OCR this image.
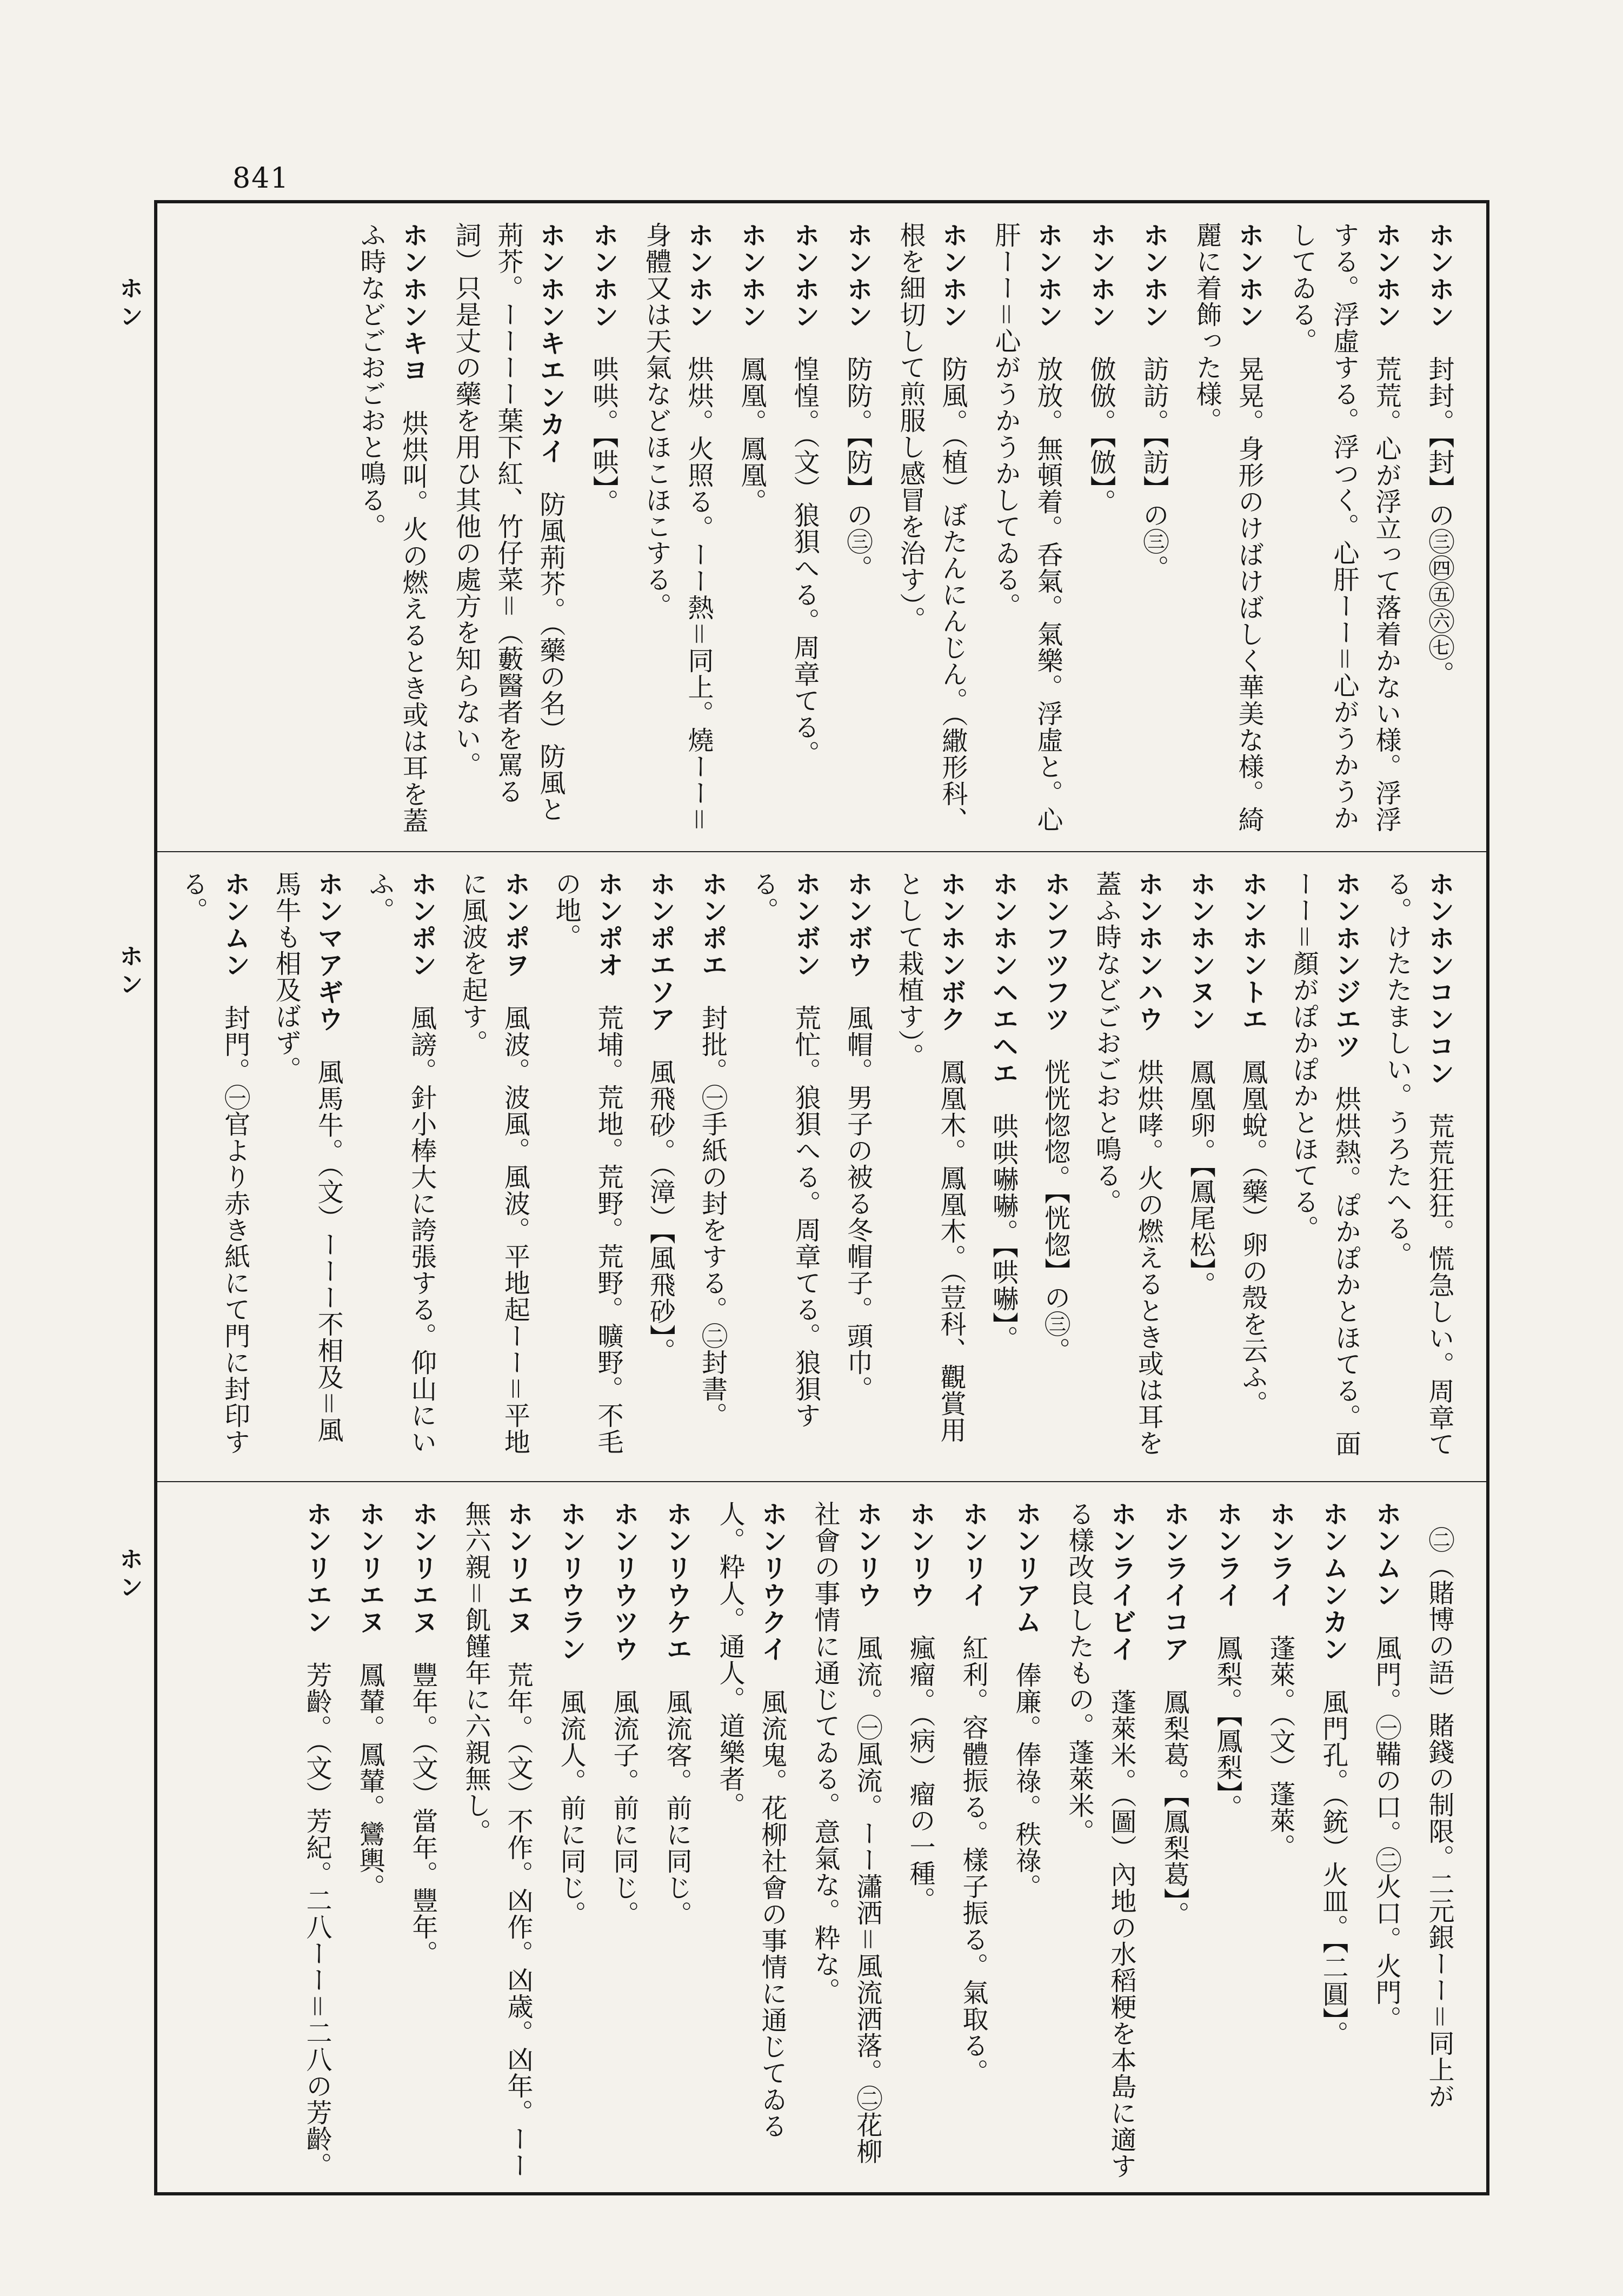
841
ホン
ホン
ホン
ホンホン　封封。【封】の㊂㊃㊄㊅㊆。
ホンホン　荒荒。心が浮立って落着かない様。浮浮する。浮虛する。浮つく。心肝ーー＝心がうかうかしてゐる。
ホンホン　晃晃。身形のけばけばしく華美な様。綺麗に着飾った様。
ホンホン　訪訪。【訪】の㊂。
ホンホン　倣倣。【倣】。
ホンホン　放放。無頓着。呑氣。氣樂。浮虛と。心肝ーー＝心がうかうかしてゐる。
ホンホン　防風。（植）ぼたんにんじん。（繖形科、根を細切して煎服し感冒を治す）。
ホンホン　防防。【防】の㊂。
ホンホン　惶惶。（文）狼狽へる。周章てる。
ホンホン　鳳凰。鳳凰。
ホンホン　烘烘。火照る。ーー熱＝同上。燒ーー＝身體又は天氣などほこほこする。
ホンホン　哄哄。【哄】。
ホンホンキエンカイ　防風荊芥。（藥の名）防風と荊芥。ーーーー葉下紅、竹仔菜＝（藪醫者を罵る詞）只是丈の藥を用ひ其他の處方を知らない。
ホンホンキヨ　烘烘叫。火の燃えるとき或は耳を蓋ふ時などごおごおと鳴る。
ホンホンコンコン　荒荒狂狂。慌急しい。周章てる。けたたましい。うろたへる。
ホンホンジエツ　烘烘熱。ぽかぽかとほてる。面ーー＝顏がぽかぽかとほてる。
ホンホントエ　鳳凰蛻。（藥）卵の殼を云ふ。
ホンホンヌン　鳳凰卵。【鳳尾松】。
ホンホンハウ　烘烘哮。火の燃えるとき或は耳を蓋ふ時などごおごおと鳴る。
ホンフツフツ　恍恍惚惚。【恍惚】の㊂。
ホンホンヘエヘエ　哄哄嚇嚇。【哄嚇】。
ホンホンボク　鳳凰木。鳳凰木。（荳科、觀賞用として栽植す）。
ホンボウ　風帽。男子の被る冬帽子。頭巾。
ホンボン　荒忙。狼狽へる。周章てる。狼狽する。
ホンポエ　封批。㊀手紙の封をする。㊁封書。
ホンポエソア　風飛砂。（漳）【風飛砂】。
ホンポオ　荒埔。荒地。荒野。荒野。曠野。不毛の地。
ホンポヲ　風波。波風。風波。平地起ーー＝平地に風波を起す。
ホンポン　風謗。針小棒大に誇張する。仰山にいふ。
ホンマアギウ　風馬牛。（文）ーーー不相及＝風馬牛も相及ばず。
ホンムン　封門。㊀官より赤き紙にて門に封印する。
　㊁（賭博の語）賭錢の制限。二元銀ーー＝同上が
ホンムン　風門。㊀鞴の口。㊁火口。火門。
ホンムンカン　風門孔。（銃）火皿。【二圓】。
ホンライ　蓬萊。（文）蓬萊。
ホンライ　鳳梨。【鳳梨】。
ホンライコア　鳳梨葛。【鳳梨葛】。
ホンライビイ　蓬萊米。（圖）內地の水稻粳を本島に適する樣改良したもの。蓬萊米。
ホンリアム　俸廉。俸祿。秩祿。
ホンリイ　紅利。容體振る。樣子振る。氣取る。
ホンリウ　瘋瘤。（病）瘤の一種。
ホンリウ　風流。㊀風流。ーー瀟洒＝風流洒落。㊁花柳社會の事情に通じてゐる。意氣な。粋な。
ホンリウクイ　風流鬼。花柳社會の事情に通じてゐる人。粋人。通人。道樂者。
ホンリウケエ　風流客。前に同じ。
ホンリウツウ　風流子。前に同じ。
ホンリウラン　風流人。前に同じ。
ホンリエヌ　荒年。（文）不作。凶作。凶歳。凶年。ーー無六親＝飢饉年に六親無し。
ホンリエヌ　豐年。（文）當年。豐年。
ホンリエヌ　鳳輦。鳳輦。鸞輿。
ホンリエン　芳齡。（文）芳紀。二八ーー＝二八の芳齡。
